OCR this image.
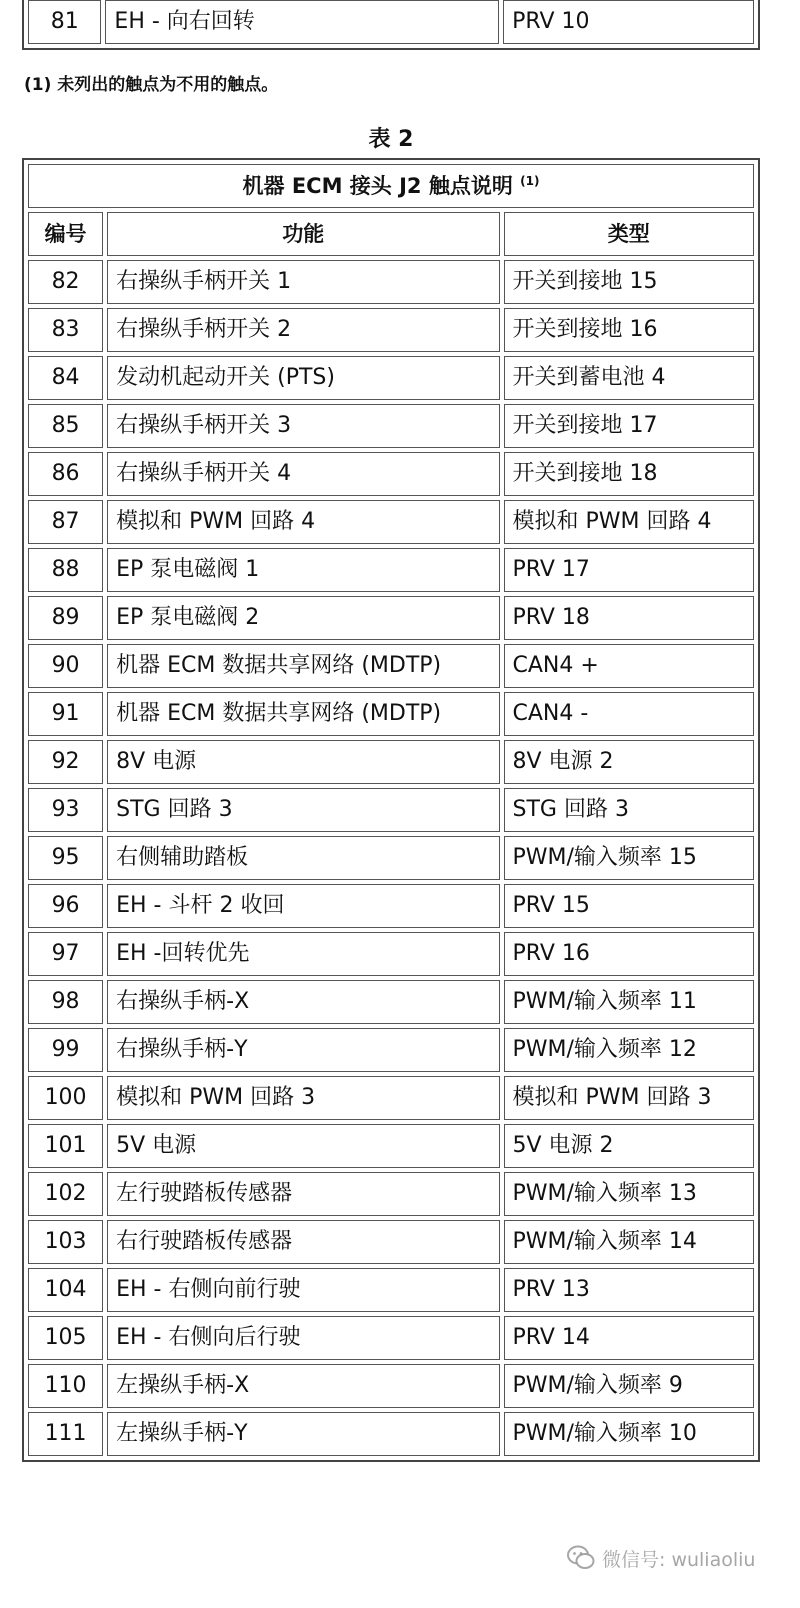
81	EH - 向右回转	PRV 10
(1) 未列出的触点为不用的触点。
表 2
机器 ECM 接头 J2 触点说明 $^{(1)}$
编号	功能	类型
82	右操纵手柄开关 1	开关到接地 15
83	右操纵手柄开关 2	开关到接地 16
84	发动机起动开关 (PTS)	开关到蓄电池 4
85	右操纵手柄开关 3	开关到接地 17
86	右操纵手柄开关 4	开关到接地 18
87	模拟和 PWM 回路 4	模拟和 PWM 回路 4
88	EP 泵电磁阀 1	PRV 17
89	EP 泵电磁阀 2	PRV 18
90	机器 ECM 数据共享网络 (MDTP)	CAN4 +
91	机器 ECM 数据共享网络 (MDTP)	CAN4 -
92	8V 电源	8V 电源 2
93	STG 回路 3	STG 回路 3
95	右侧辅助踏板	PWM/输入频率 15
96	EH - 斗杆 2 收回	PRV 15
97	EH -回转优先	PRV 16
98	右操纵手柄-X	PWM/输入频率 11
99	右操纵手柄-Y	PWM/输入频率 12
100	模拟和 PWM 回路 3	模拟和 PWM 回路 3
101	5V 电源	5V 电源 2
102	左行驶踏板传感器	PWM/输入频率 13
103	右行驶踏板传感器	PWM/输入频率 14
104	EH - 右侧向前行驶	PRV 13
105	EH - 右侧向后行驶	PRV 14
110	左操纵手柄-X	PWM/输入频率 9
111	左操纵手柄-Y	PWM/输入频率 10
微信号: wuliaoliu
